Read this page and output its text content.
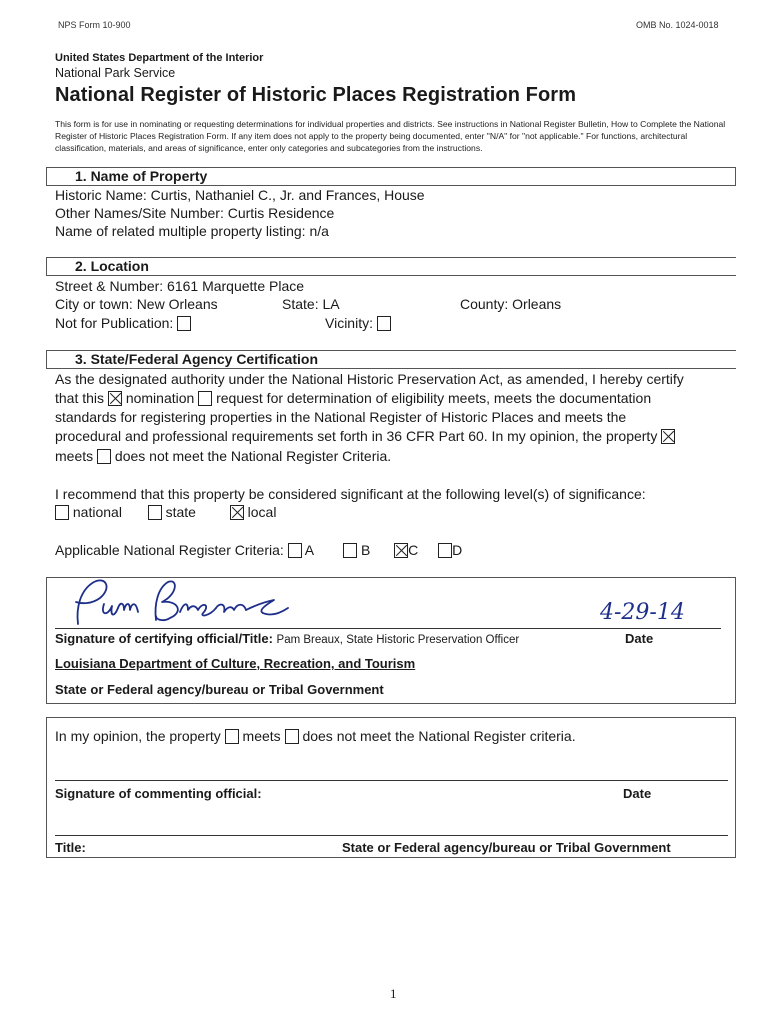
NPS Form 10-900	OMB No. 1024-0018
United States Department of the Interior
National Park Service
National Register of Historic Places Registration Form
This form is for use in nominating or requesting determinations for individual properties and districts. See instructions in National Register Bulletin, How to Complete the National Register of Historic Places Registration Form. If any item does not apply to the property being documented, enter "N/A" for "not applicable." For functions, architectural classification, materials, and areas of significance, enter only categories and subcategories from the instructions.
1. Name of Property
Historic Name: Curtis, Nathaniel C., Jr. and Frances, House
Other Names/Site Number: Curtis Residence
Name of related multiple property listing: n/a
2. Location
Street & Number: 6161 Marquette Place
City or town: New Orleans	State: LA	County: Orleans
Not for Publication:	Vicinity:
3. State/Federal Agency Certification
As the designated authority under the National Historic Preservation Act, as amended, I hereby certify
that this nomination request for determination of eligibility meets, meets the documentation
standards for registering properties in the National Register of Historic Places and meets the
procedural and professional requirements set forth in 36 CFR Part 60. In my opinion, the property
meets does not meet the National Register Criteria.
I recommend that this property be considered significant at the following level(s) of significance:
national	state	local
Applicable National Register Criteria: A	B	C D
4-29-14
Signature of certifying official/Title: Pam Breaux, State Historic Preservation Officer	Date
Louisiana Department of Culture, Recreation, and Tourism
State or Federal agency/bureau or Tribal Government
In my opinion, the property meets does not meet the National Register criteria.
Signature of commenting official:	Date
Title:	State or Federal agency/bureau or Tribal Government
1
